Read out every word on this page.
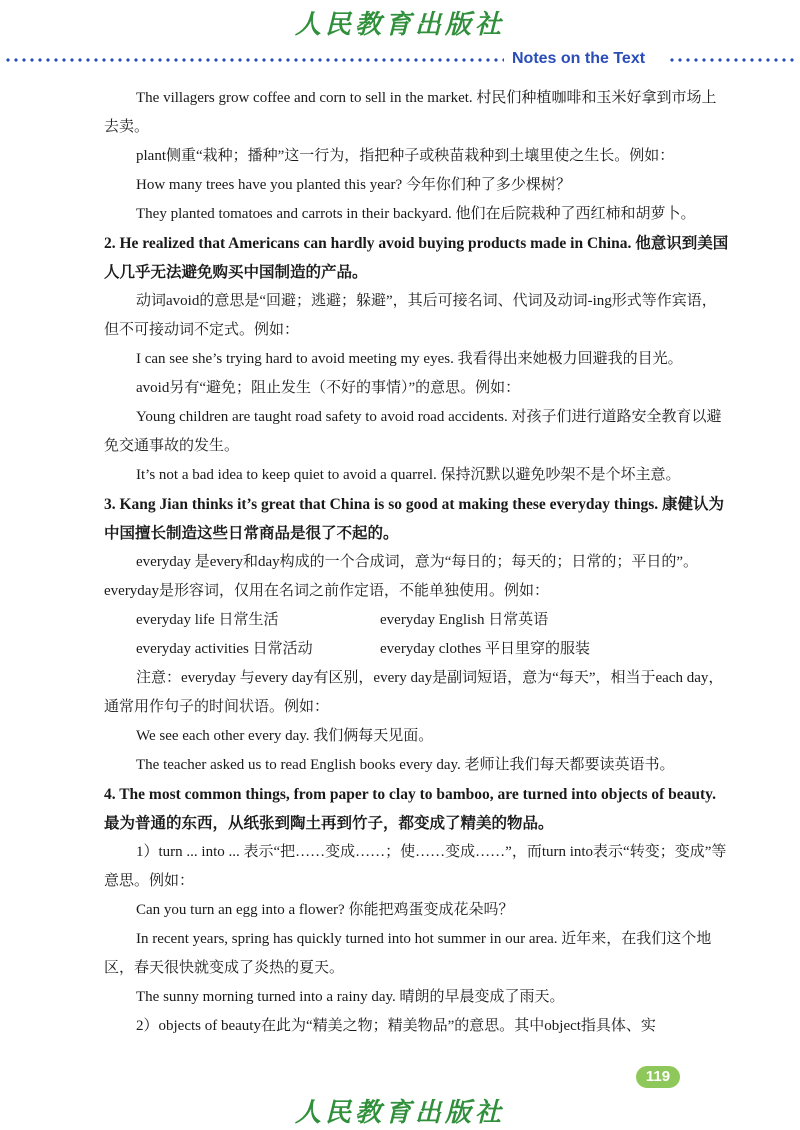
人民教育出版社
Notes on the Text

The villagers grow coffee and corn to sell in the market. 村民们种植咖啡和玉米好拿到市场上去卖。

plant侧重“栽种；播种”这一行为，指把种子或秧苗栽种到土壤里使之生长。例如：

How many trees have you planted this year? 今年你们种了多少棵树？

They planted tomatoes and carrots in their backyard. 他们在后院栽种了西红柿和胡萝卜。

2. He realized that Americans can hardly avoid buying products made in China. 他意识到美国人几乎无法避免购买中国制造的产品。

动词avoid的意思是“回避；逃避；躲避”，其后可接名词、代词及动词-ing形式等作宾语，但不可接动词不定式。例如：

I can see she’s trying hard to avoid meeting my eyes. 我看得出来她极力回避我的目光。

avoid另有“避免；阻止发生（不好的事情）”的意思。例如：

Young children are taught road safety to avoid road accidents. 对孩子们进行道路安全教育以避免交通事故的发生。

It’s not a bad idea to keep quiet to avoid a quarrel. 保持沉默以避免吵架不是个坏主意。

3. Kang Jian thinks it’s great that China is so good at making these everyday things. 康健认为中国擅长制造这些日常商品是很了不起的。

everyday 是every和day构成的一个合成词，意为“每日的；每天的；日常的；平日的”。everyday是形容词，仅用在名词之前作定语，不能单独使用。例如：

everyday life 日常生活	everyday English 日常英语
everyday activities 日常活动	everyday clothes 平日里穿的服装

注意：everyday 与every day有区别，every day是副词短语，意为“每天”，相当于each day，通常用作句子的时间状语。例如：

We see each other every day. 我们俩每天见面。

The teacher asked us to read English books every day. 老师让我们每天都要读英语书。

4. The most common things, from paper to clay to bamboo, are turned into objects of beauty. 最为普通的东西，从纸张到陶土再到竹子，都变成了精美的物品。

1）turn ... into ... 表示“把……变成……；使……变成……”，而turn into表示“转变；变成”等意思。例如：

Can you turn an egg into a flower? 你能把鸡蛋变成花朵吗？

In recent years, spring has quickly turned into hot summer in our area. 近年来，在我们这个地区，春天很快就变成了炎热的夏天。

The sunny morning turned into a rainy day. 晴朗的早晨变成了雨天。

2）objects of beauty在此为“精美之物；精美物品”的意思。其中object指具体、实

119
人民教育出版社
